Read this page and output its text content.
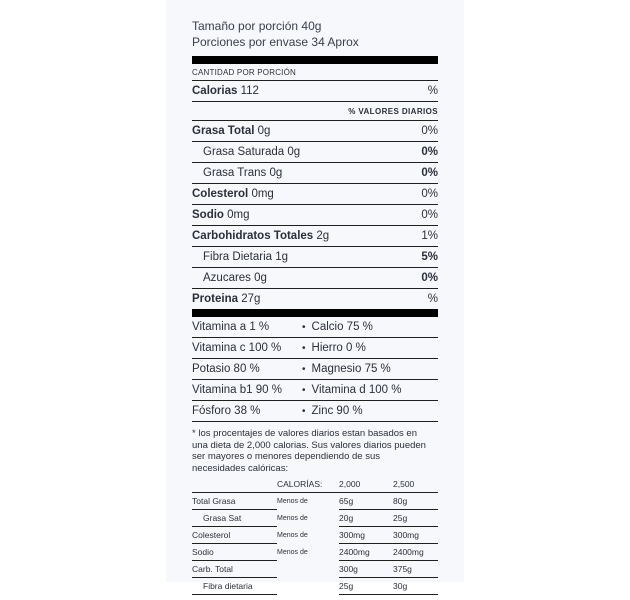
Tamaño por porción 40g
Porciones por envase 34 Aprox
CANTIDAD POR PORCIÓN
Calorias 112	%
% VALORES DIARIOS
Grasa Total 0g	0%
Grasa Saturada 0g	0%
Grasa Trans 0g	0%
Colesterol 0mg	0%
Sodio 0mg	0%
Carbohidratos Totales 2g	1%
Fibra Dietaria 1g	5%
Azucares 0g	0%
Proteina 27g	%
Vitamina a 1 %	• Calcio 75 %
Vitamina c 100 %	• Hierro 0 %
Potasio 80 %	• Magnesio 75 %
Vitamina b1 90 %	• Vitamina d 100 %
Fósforo 38 %	• Zinc 90 %
* los procentajes de valores diarios estan basados en una dieta de 2,000 calorias. Sus valores diarios pueden ser mayores o menores dependiendo de sus necesidades calóricas:
	CALORÍAS:	2,000	2,500
Total Grasa	Menos de	65g	80g
Grasa Sat	Menos de	20g	25g
Colesterol	Menos de	300mg	300mg
Sodio	Menos de	2400mg	2400mg
Carb. Total		300g	375g
Fibra dietaria		25g	30g
